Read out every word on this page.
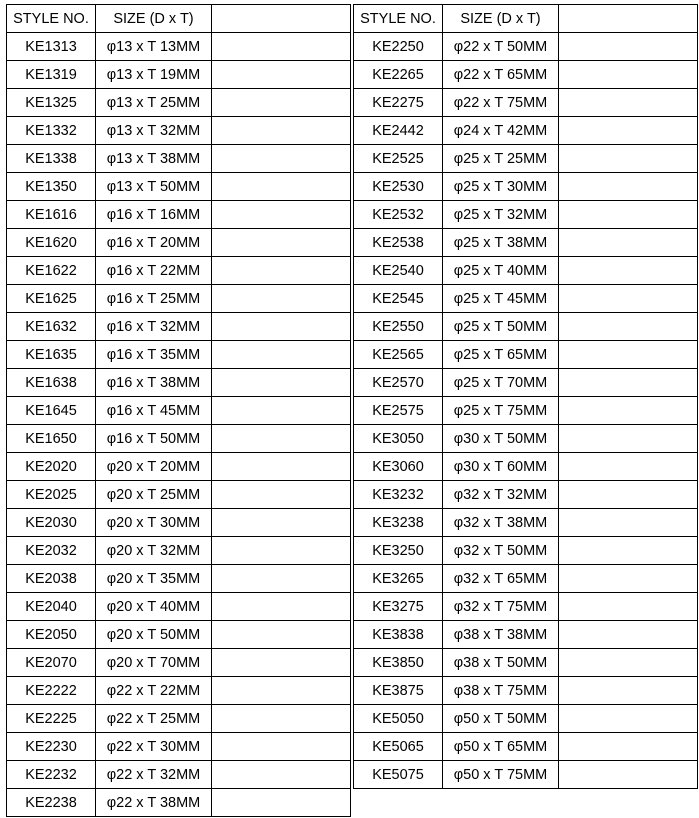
STYLE NO.	SIZE (D x T)	
KE1313	φ13 x T 13MM	
KE1319	φ13 x T 19MM	
KE1325	φ13 x T 25MM	
KE1332	φ13 x T 32MM	
KE1338	φ13 x T 38MM	
KE1350	φ13 x T 50MM	
KE1616	φ16 x T 16MM	
KE1620	φ16 x T 20MM	
KE1622	φ16 x T 22MM	
KE1625	φ16 x T 25MM	
KE1632	φ16 x T 32MM	
KE1635	φ16 x T 35MM	
KE1638	φ16 x T 38MM	
KE1645	φ16 x T 45MM	
KE1650	φ16 x T 50MM	
KE2020	φ20 x T 20MM	
KE2025	φ20 x T 25MM	
KE2030	φ20 x T 30MM	
KE2032	φ20 x T 32MM	
KE2038	φ20 x T 35MM	
KE2040	φ20 x T 40MM	
KE2050	φ20 x T 50MM	
KE2070	φ20 x T 70MM	
KE2222	φ22 x T 22MM	
KE2225	φ22 x T 25MM	
KE2230	φ22 x T 30MM	
KE2232	φ22 x T 32MM	
KE2238	φ22 x T 38MM	
STYLE NO.	SIZE (D x T)	
KE2250	φ22 x T 50MM	
KE2265	φ22 x T 65MM	
KE2275	φ22 x T 75MM	
KE2442	φ24 x T 42MM	
KE2525	φ25 x T 25MM	
KE2530	φ25 x T 30MM	
KE2532	φ25 x T 32MM	
KE2538	φ25 x T 38MM	
KE2540	φ25 x T 40MM	
KE2545	φ25 x T 45MM	
KE2550	φ25 x T 50MM	
KE2565	φ25 x T 65MM	
KE2570	φ25 x T 70MM	
KE2575	φ25 x T 75MM	
KE3050	φ30 x T 50MM	
KE3060	φ30 x T 60MM	
KE3232	φ32 x T 32MM	
KE3238	φ32 x T 38MM	
KE3250	φ32 x T 50MM	
KE3265	φ32 x T 65MM	
KE3275	φ32 x T 75MM	
KE3838	φ38 x T 38MM	
KE3850	φ38 x T 50MM	
KE3875	φ38 x T 75MM	
KE5050	φ50 x T 50MM	
KE5065	φ50 x T 65MM	
KE5075	φ50 x T 75MM	
